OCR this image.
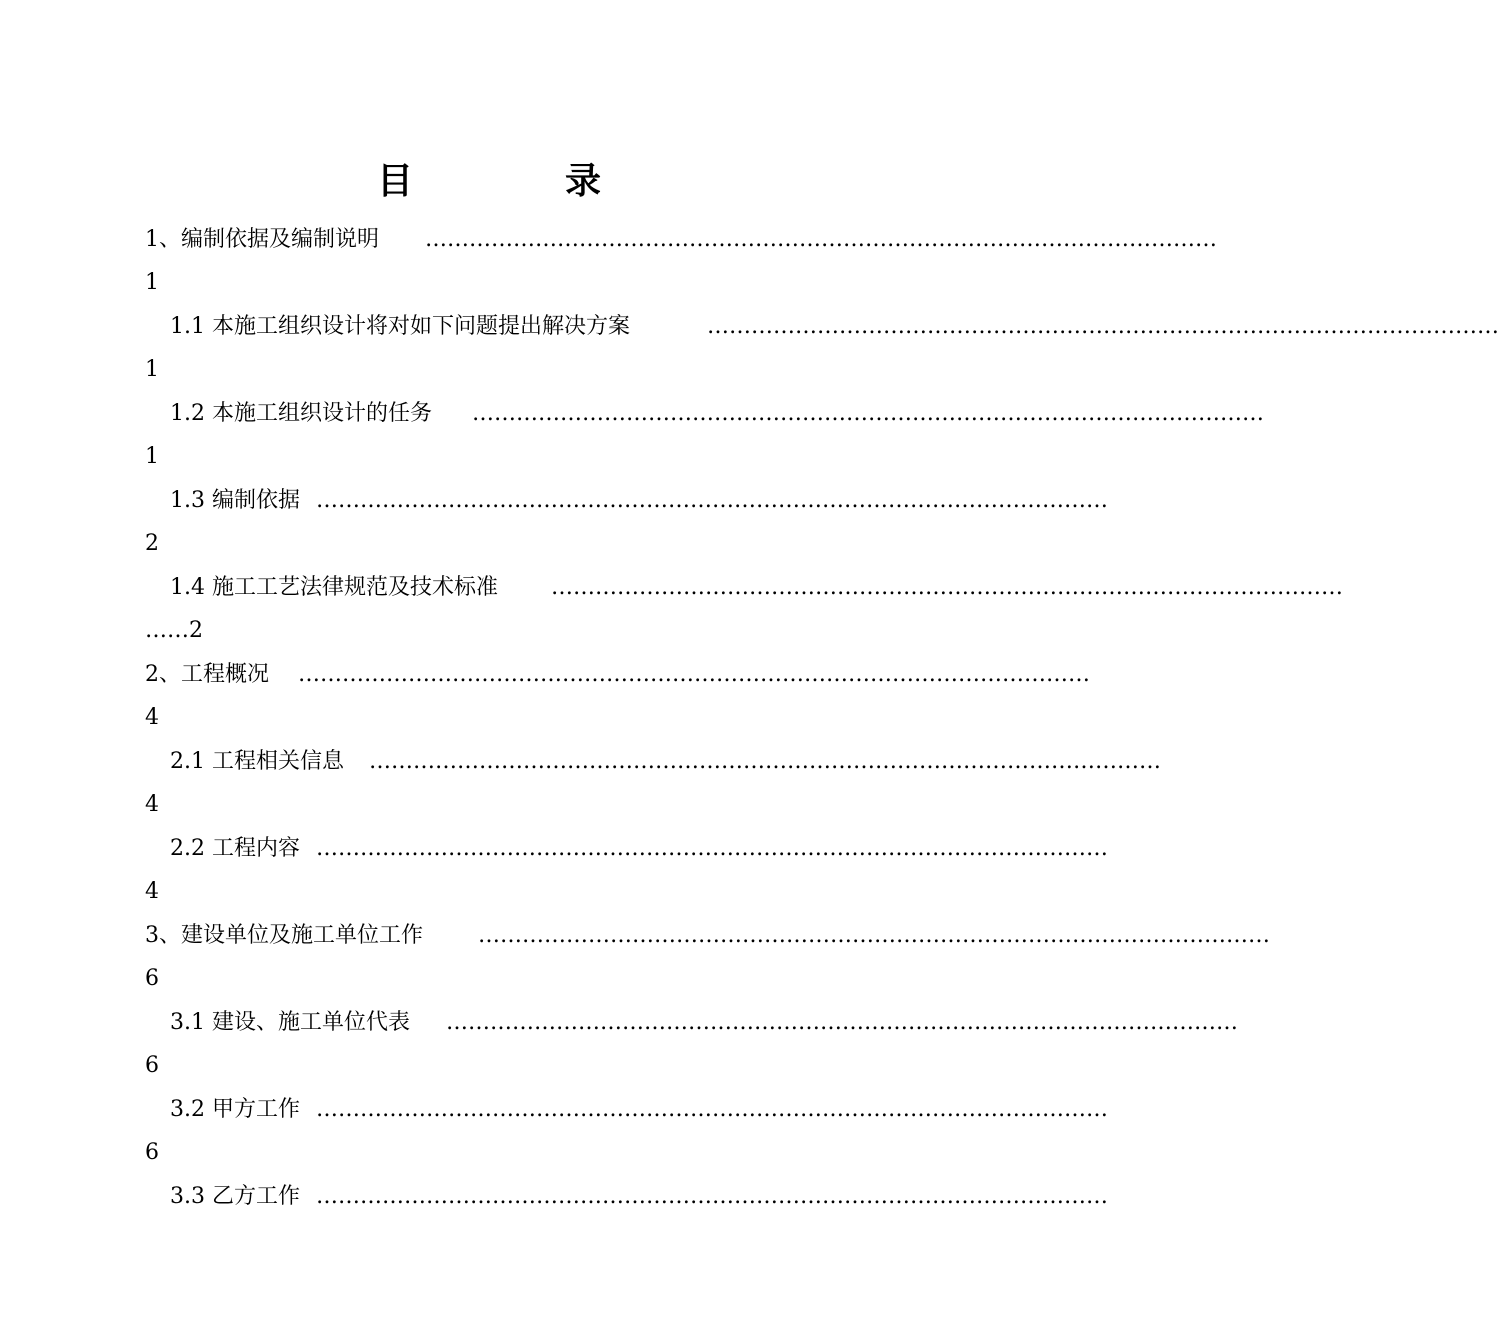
目	录
1、编制依据及编制说明 ………………………………………………………………………………………………
1
1.1 本施工组织设计将对如下问题提出解决方案	………………………………………………………………………………………………
1
1.2 本施工组织设计的任务 ………………………………………………………………………………………………
1
1.3 编制依据 ………………………………………………………………………………………………
2
1.4 施工工艺法律规范及技术标准 ………………………………………………………………………………………………
……2
2、工程概况 ………………………………………………………………………………………………
4
2.1 工程相关信息 ………………………………………………………………………………………………
4
2.2 工程内容 ………………………………………………………………………………………………
4
3、建设单位及施工单位工作	………………………………………………………………………………………………
6
3.1 建设、施工单位代表 ………………………………………………………………………………………………
6
3.2 甲方工作 ………………………………………………………………………………………………
6
3.3 乙方工作 ………………………………………………………………………………………………
